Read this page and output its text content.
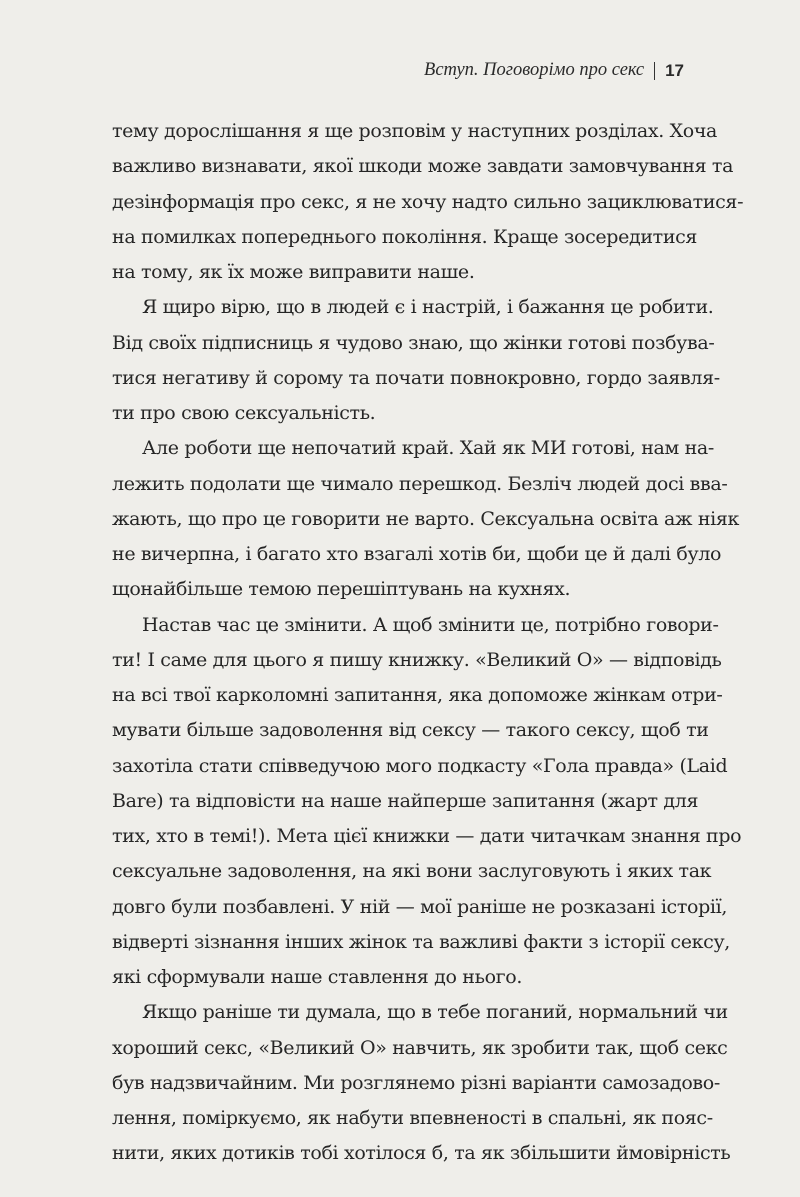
Вступ. Поговорімо про секс 17
тему дорослішання я ще розповім у наступних розділах. Хоча
важливо визнавати, якої шкоди може завдати замовчування та
дезінформація про секс, я не хочу надто сильно зациклюватися-
на помилках попереднього покоління. Краще зосередитися
на тому, як їх може виправити наше.
Я щиро вірю, що в людей є і настрій, і бажання це робити.
Від своїх підписниць я чудово знаю, що жінки готові позбува-
тися негативу й сорому та почати повнокровно, гордо заявля-
ти про свою сексуальність.
Але роботи ще непочатий край. Хай як МИ готові, нам на-
лежить подолати ще чимало перешкод. Безліч людей досі вва-
жають, що про це говорити не варто. Сексуальна освіта аж ніяк
не вичерпна, і багато хто взагалі хотів би, щоби це й далі було
щонайбільше темою перешіптувань на кухнях.
Настав час це змінити. А щоб змінити це, потрібно говори-
ти! І саме для цього я пишу книжку. «Великий О» — відповідь
на всі твої карколомні запитання, яка допоможе жінкам отри-
мувати більше задоволення від сексу — такого сексу, щоб ти
захотіла стати співведучою мого подкасту «Гола правда» (Laid
Bare) та відповісти на наше найперше запитання (жарт для
тих, хто в темі!). Мета цієї книжки — дати читачкам знання про
сексуальне задоволення, на які вони заслуговують і яких так
довго були позбавлені. У ній — мої раніше не розказані історії,
відверті зізнання інших жінок та важливі факти з історії сексу,
які сформували наше ставлення до нього.
Якщо раніше ти думала, що в тебе поганий, нормальний чи
хороший секс, «Великий О» навчить, як зробити так, щоб секс
був надзвичайним. Ми розглянемо різні варіанти самозадово-
лення, поміркуємо, як набути впевненості в спальні, як пояс-
нити, яких дотиків тобі хотілося б, та як збільшити ймовірність
